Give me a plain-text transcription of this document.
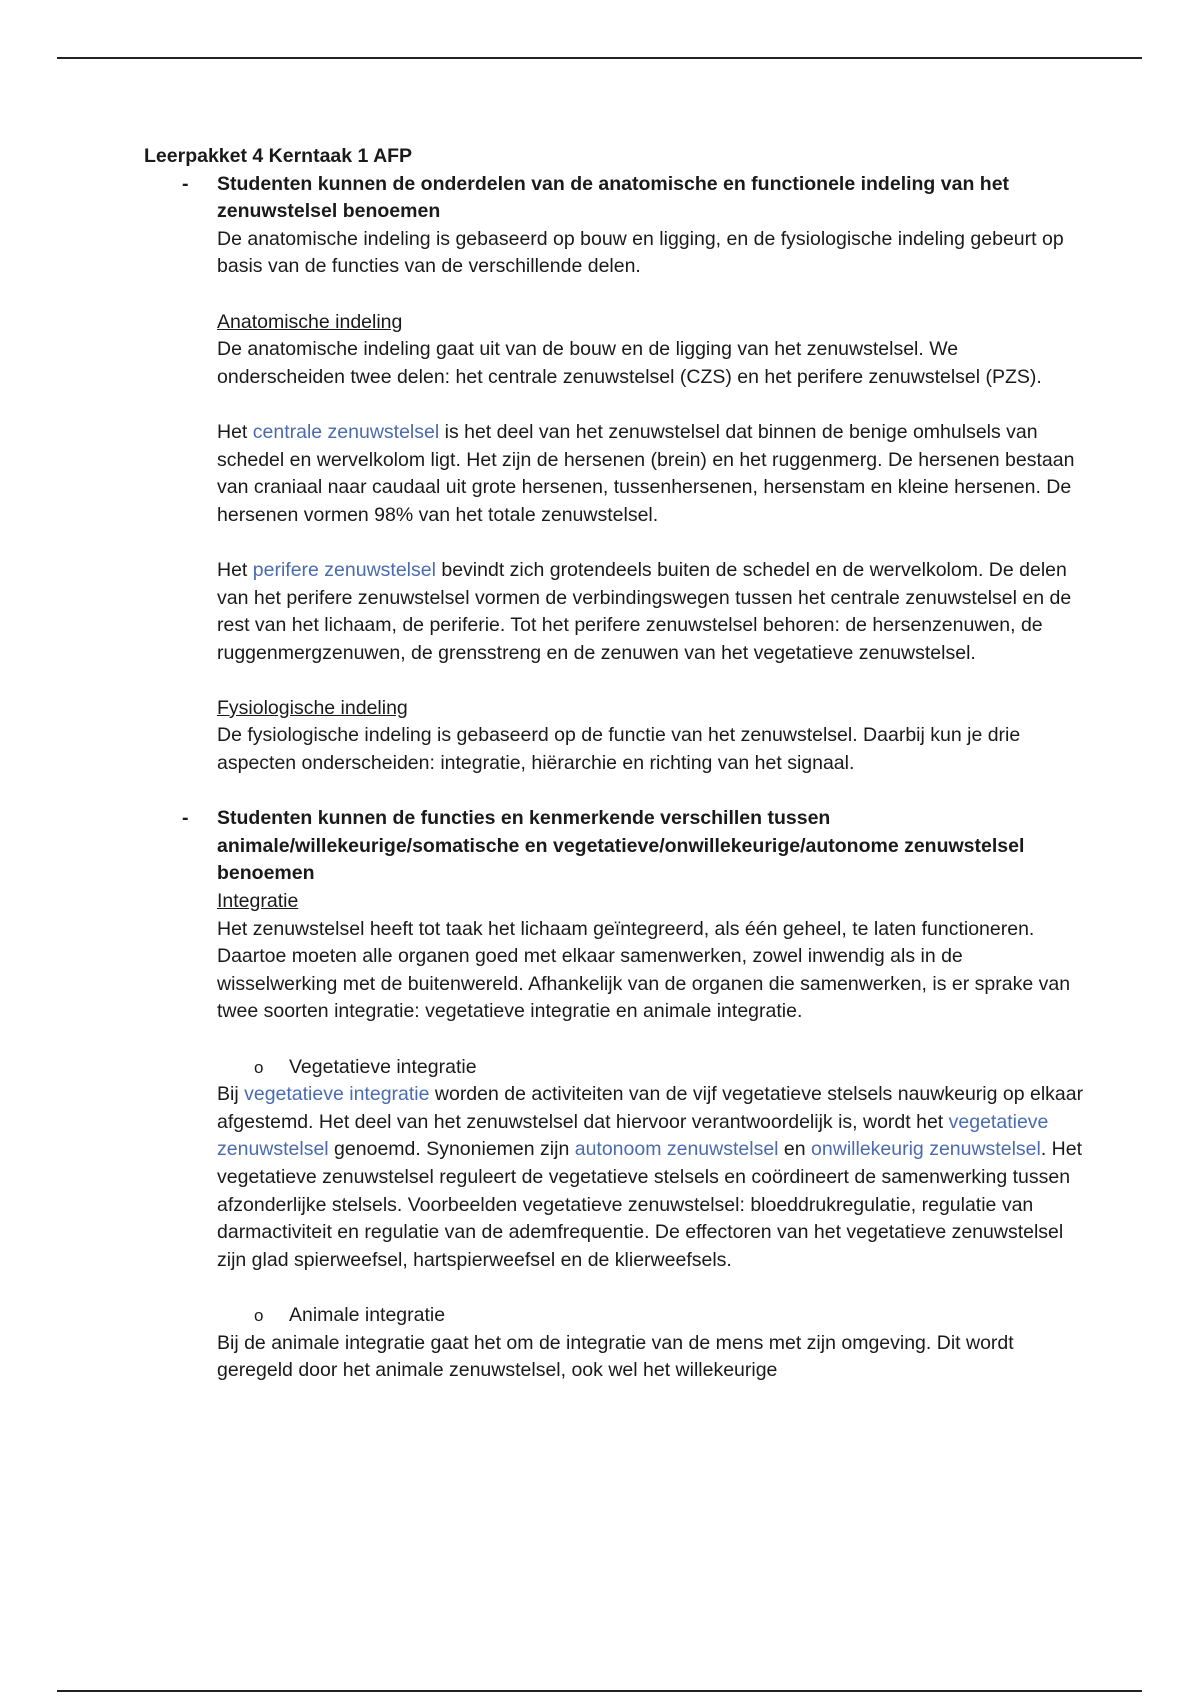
Leerpakket 4 Kerntaak 1 AFP

- Studenten kunnen de onderdelen van de anatomische en functionele indeling van het zenuwstelsel benoemen

De anatomische indeling is gebaseerd op bouw en ligging, en de fysiologische indeling gebeurt op basis van de functies van de verschillende delen.

Anatomische indeling

De anatomische indeling gaat uit van de bouw en de ligging van het zenuwstelsel. We onderscheiden twee delen: het centrale zenuwstelsel (CZS) en het perifere zenuwstelsel (PZS).

Het centrale zenuwstelsel is het deel van het zenuwstelsel dat binnen de benige omhulsels van schedel en wervelkolom ligt. Het zijn de hersenen (brein) en het ruggenmerg. De hersenen bestaan van craniaal naar caudaal uit grote hersenen, tussenhersenen, hersenstam en kleine hersenen. De hersenen vormen 98% van het totale zenuwstelsel.

Het perifere zenuwstelsel bevindt zich grotendeels buiten de schedel en de wervelkolom. De delen van het perifere zenuwstelsel vormen de verbindingswegen tussen het centrale zenuwstelsel en de rest van het lichaam, de periferie. Tot het perifere zenuwstelsel behoren: de hersenzenuwen, de ruggenmergzenuwen, de grensstreng en de zenuwen van het vegetatieve zenuwstelsel.

Fysiologische indeling

De fysiologische indeling is gebaseerd op de functie van het zenuwstelsel. Daarbij kun je drie aspecten onderscheiden: integratie, hiërarchie en richting van het signaal.

- Studenten kunnen de functies en kenmerkende verschillen tussen animale/willekeurige/somatische en vegetatieve/onwillekeurige/autonome zenuwstelsel benoemen

Integratie

Het zenuwstelsel heeft tot taak het lichaam geïntegreerd, als één geheel, te laten functioneren. Daartoe moeten alle organen goed met elkaar samenwerken, zowel inwendig als in de wisselwerking met de buitenwereld. Afhankelijk van de organen die samenwerken, is er sprake van twee soorten integratie: vegetatieve integratie en animale integratie.

o Vegetatieve integratie

Bij vegetatieve integratie worden de activiteiten van de vijf vegetatieve stelsels nauwkeurig op elkaar afgestemd. Het deel van het zenuwstelsel dat hiervoor verantwoordelijk is, wordt het vegetatieve zenuwstelsel genoemd. Synoniemen zijn autonoom zenuwstelsel en onwillekeurig zenuwstelsel. Het vegetatieve zenuwstelsel reguleert de vegetatieve stelsels en coördineert de samenwerking tussen afzonderlijke stelsels. Voorbeelden vegetatieve zenuwstelsel: bloeddrukregulatie, regulatie van darmactiviteit en regulatie van de ademfrequentie. De effectoren van het vegetatieve zenuwstelsel zijn glad spierweefsel, hartspierweefsel en de klierweefsels.

o Animale integratie

Bij de animale integratie gaat het om de integratie van de mens met zijn omgeving. Dit wordt geregeld door het animale zenuwstelsel, ook wel het willekeurige
